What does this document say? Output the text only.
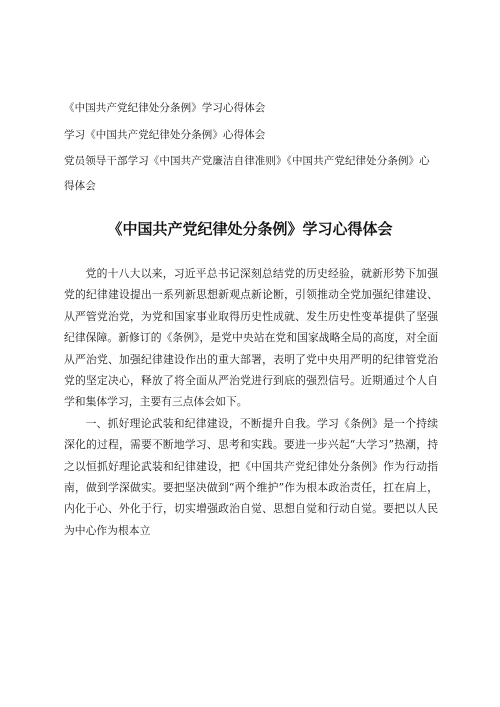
《中国共产党纪律处分条例》学习心得体会
学习《中国共产党纪律处分条例》心得体会
党员领导干部学习《中国共产党廉洁自律准则》《中国共产党纪律处分条例》心得体会
《中国共产党纪律处分条例》学习心得体会

党的十八大以来，习近平总书记深刻总结党的历史经验，就新形势下加强党的纪律建设提出一系列新思想新观点新论断，引领推动全党加强纪律建设、从严管党治党，为党和国家事业取得历史性成就、发生历史性变革提供了坚强纪律保障。新修订的《条例》，是党中央站在党和国家战略全局的高度，对全面从严治党、加强纪律建设作出的重大部署，表明了党中央用严明的纪律管党治党的坚定决心，释放了将全面从严治党进行到底的强烈信号。近期通过个人自学和集体学习，主要有三点体会如下。

一、抓好理论武装和纪律建设，不断提升自我。学习《条例》是一个持续深化的过程，需要不断地学习、思考和实践。要进一步兴起“大学习”热潮，持之以恒抓好理论武装和纪律建设，把《中国共产党纪律处分条例》作为行动指南，做到学深做实。要把坚决做到“两个维护”作为根本政治责任，扛在肩上，内化于心、外化于行，切实增强政治自觉、思想自觉和行动自觉。要把以人民为中心作为根本立
